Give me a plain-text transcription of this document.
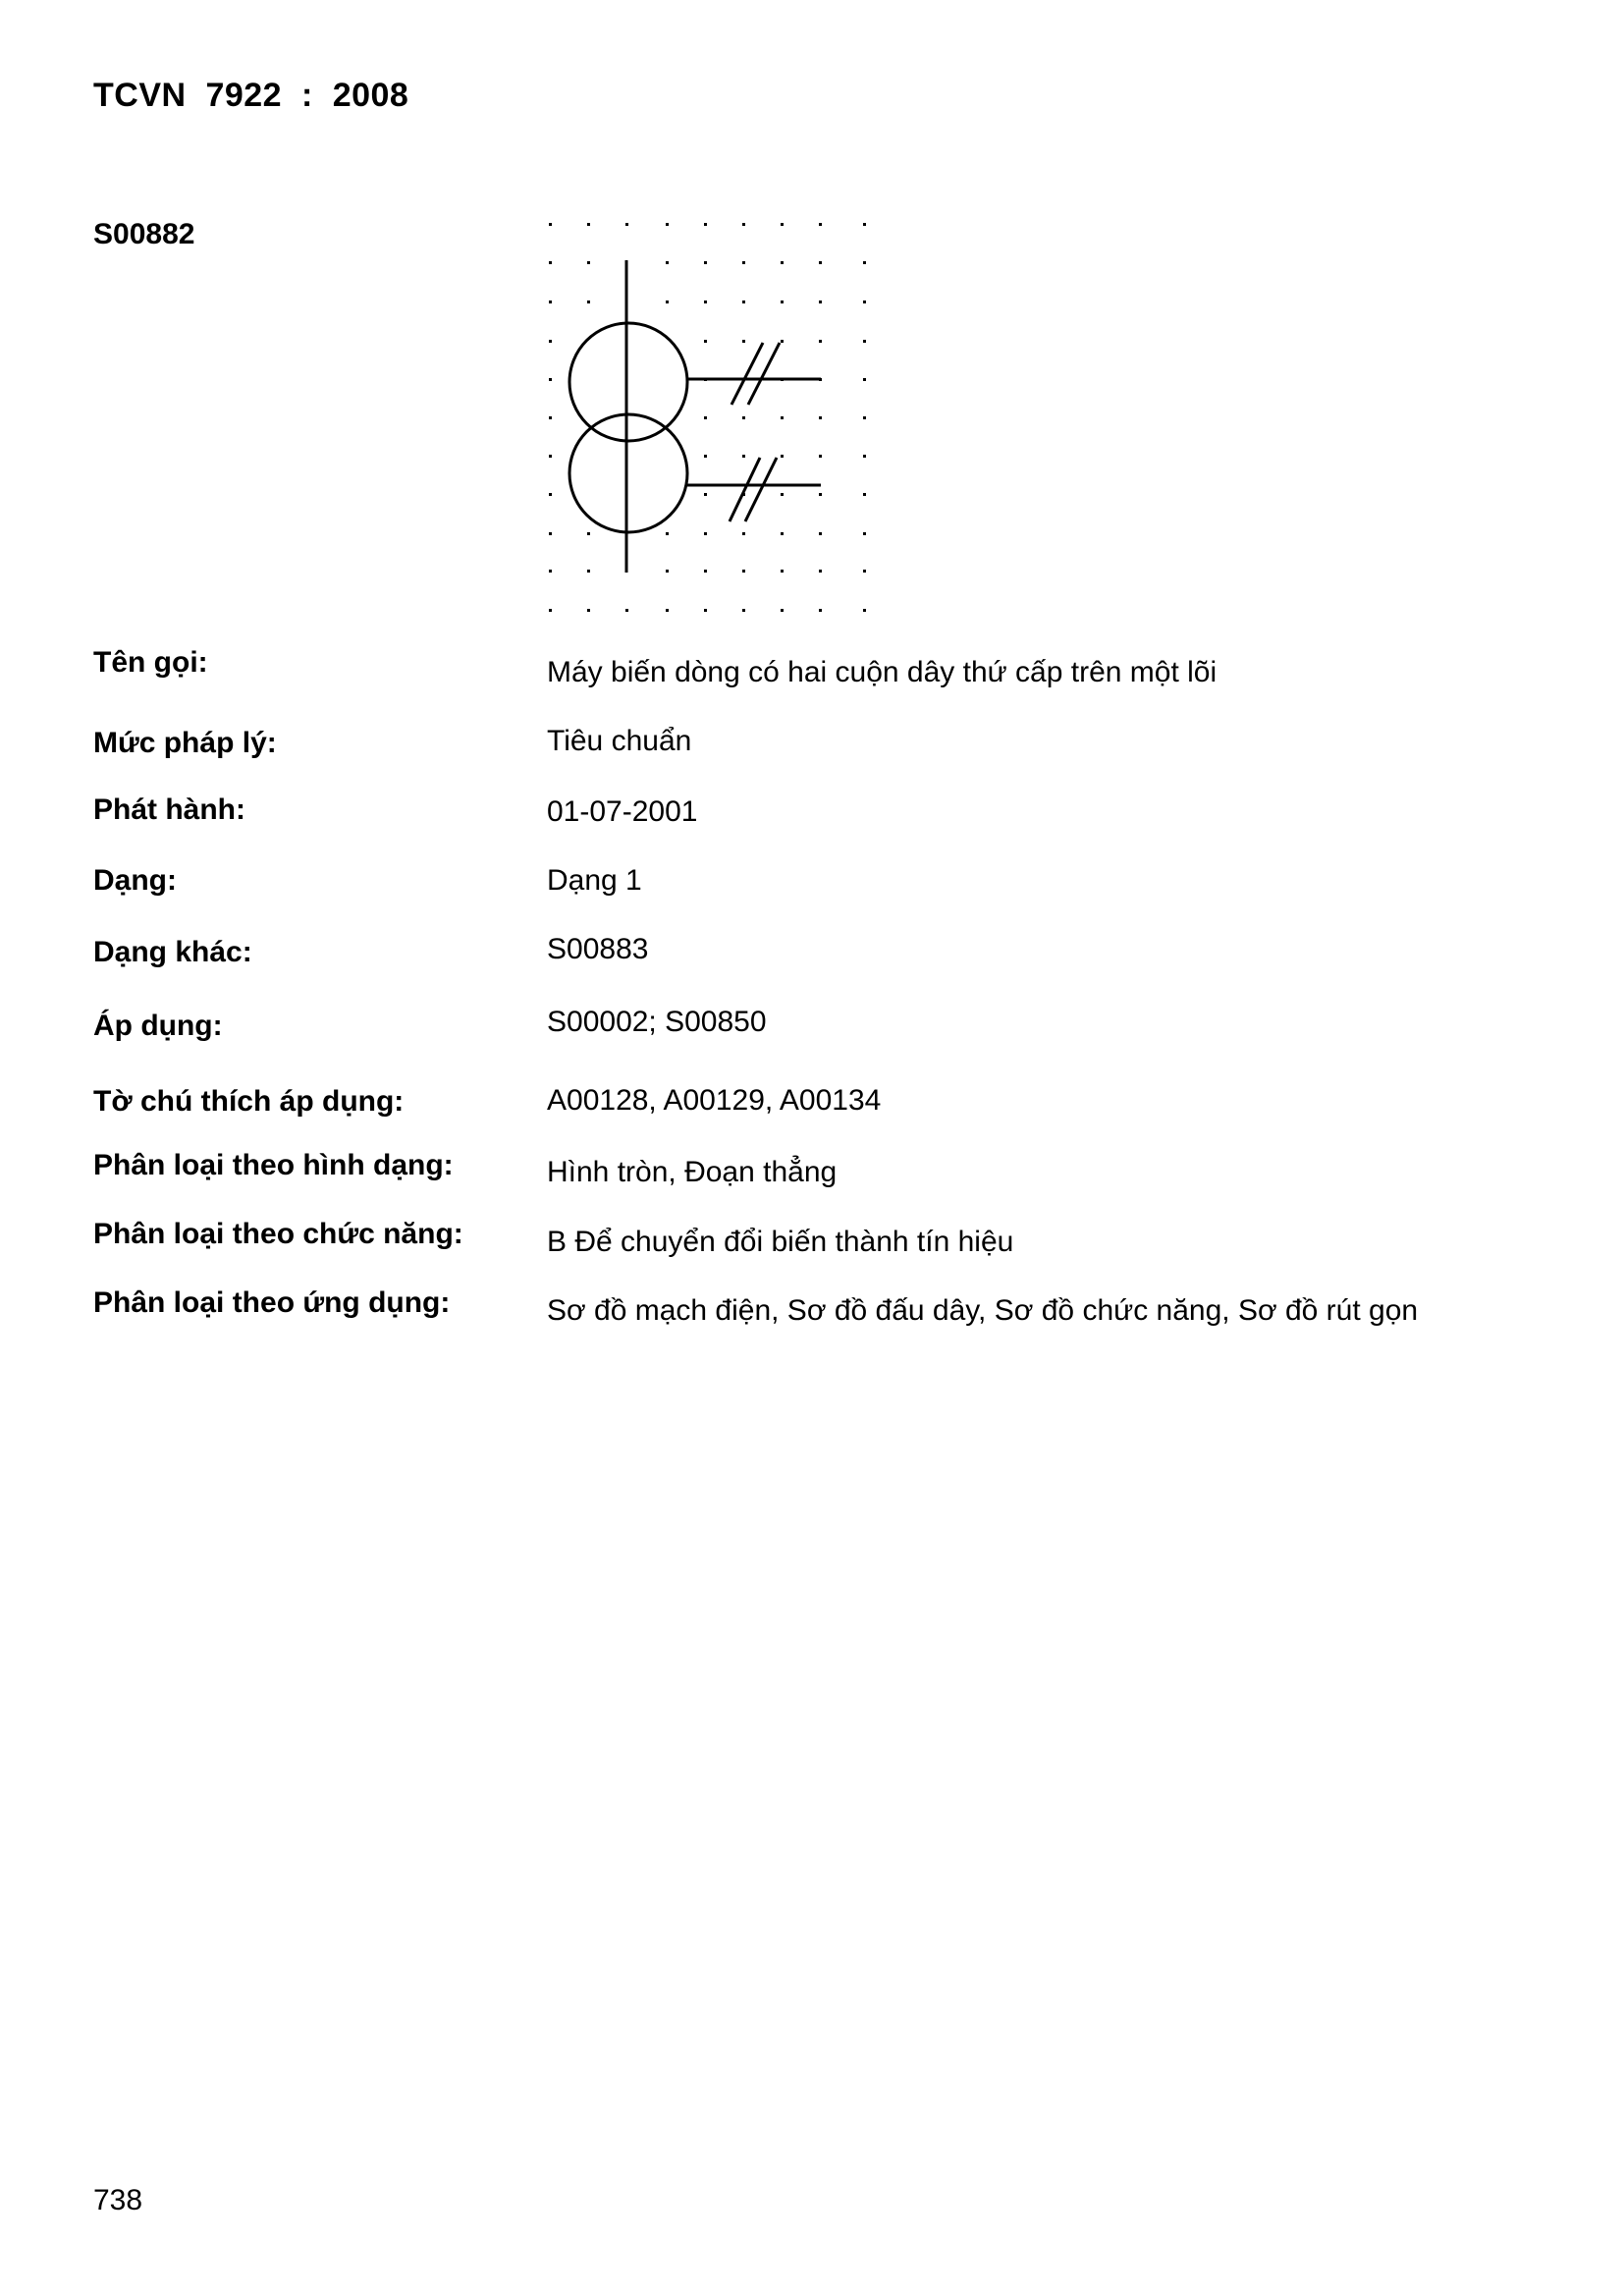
TCVN  7922  :  2008
S00882
Tên gọi:	Máy biến dòng có hai cuộn dây thứ cấp trên một lõi
Mức pháp lý:	Tiêu chuẩn
Phát hành:	01-07-2001
Dạng:	Dạng 1
Dạng khác:	S00883
Áp dụng:	S00002; S00850
Tờ chú thích áp dụng:	A00128, A00129, A00134
Phân loại theo hình dạng:	Hình tròn, Đoạn thẳng
Phân loại theo chức năng:	B Để chuyển đổi biến thành tín hiệu
Phân loại theo ứng dụng:	Sơ đồ mạch điện, Sơ đồ đấu dây, Sơ đồ chức năng, Sơ đồ rút gọn
738
